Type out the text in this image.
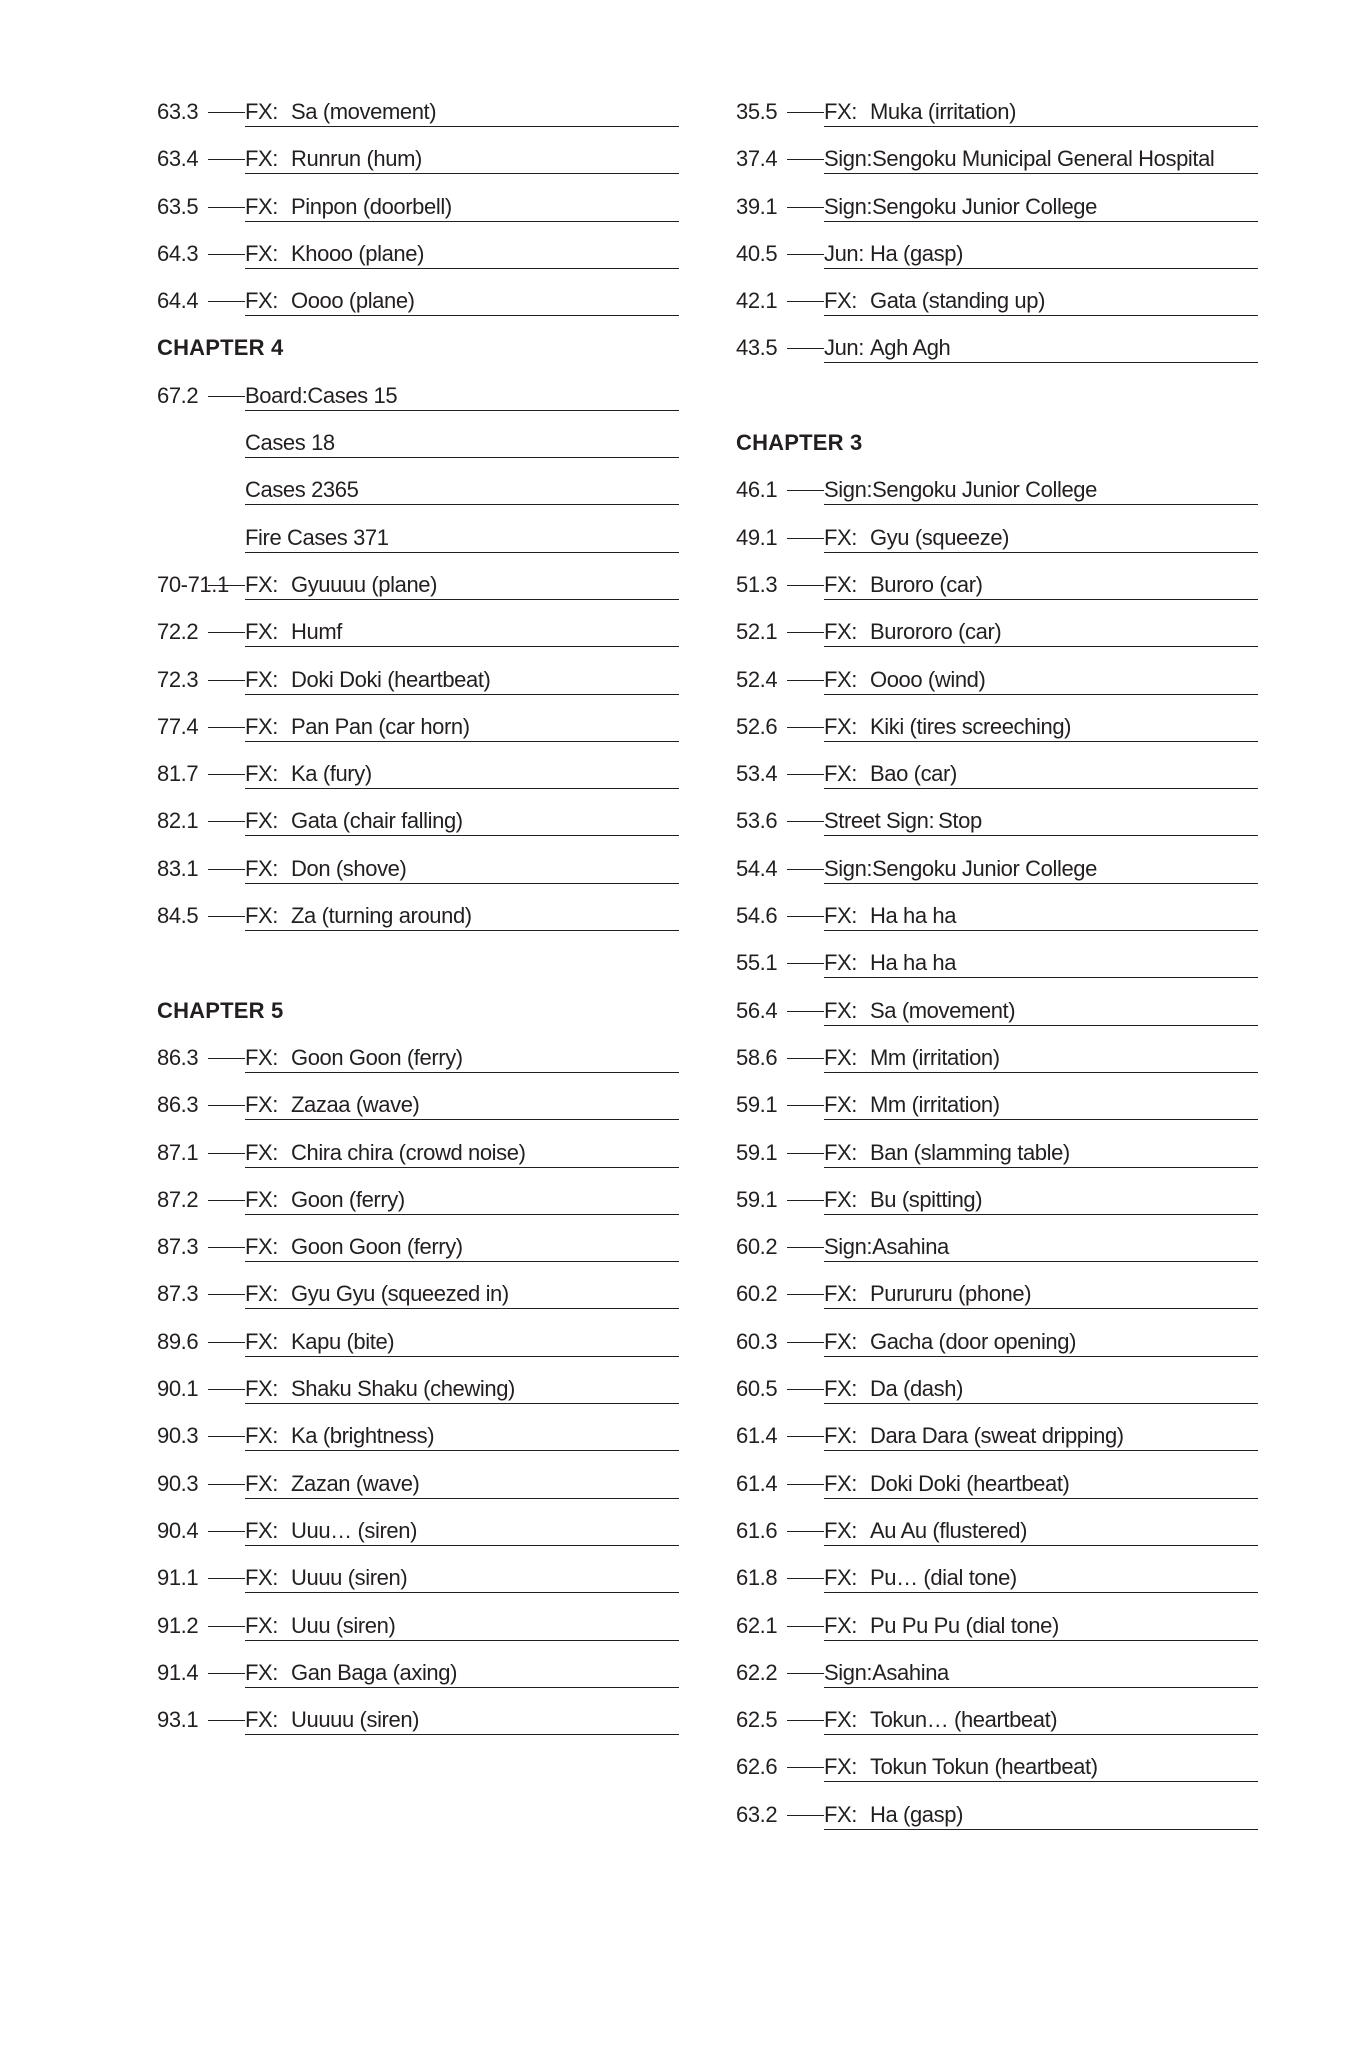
63.3 FX: Sa (movement)
63.4 FX: Runrun (hum)
63.5 FX: Pinpon (doorbell)
64.3 FX: Khooo (plane)
64.4 FX: Oooo (plane)
CHAPTER 4
67.2 Board:Cases 15
Cases 18
Cases 2365
Fire Cases 371
70-71.1 FX: Gyuuuu (plane)
72.2 FX: Humf
72.3 FX: Doki Doki (heartbeat)
77.4 FX: Pan Pan (car horn)
81.7 FX: Ka (fury)
82.1 FX: Gata (chair falling)
83.1 FX: Don (shove)
84.5 FX: Za (turning around)
CHAPTER 5
86.3 FX: Goon Goon (ferry)
86.3 FX: Zazaa (wave)
87.1 FX: Chira chira (crowd noise)
87.2 FX: Goon (ferry)
87.3 FX: Goon Goon (ferry)
87.3 FX: Gyu Gyu (squeezed in)
89.6 FX: Kapu (bite)
90.1 FX: Shaku Shaku (chewing)
90.3 FX: Ka (brightness)
90.3 FX: Zazan (wave)
90.4 FX: Uuu… (siren)
91.1 FX: Uuuu (siren)
91.2 FX: Uuu (siren)
91.4 FX: Gan Baga (axing)
93.1 FX: Uuuuu (siren)
35.5 FX: Muka (irritation)
37.4 Sign:Sengoku Municipal General Hospital
39.1 Sign:Sengoku Junior College
40.5 Jun: Ha (gasp)
42.1 FX: Gata (standing up)
43.5 Jun: Agh Agh
CHAPTER 3
46.1 Sign:Sengoku Junior College
49.1 FX: Gyu (squeeze)
51.3 FX: Buroro (car)
52.1 FX: Burororo (car)
52.4 FX: Oooo (wind)
52.6 FX: Kiki (tires screeching)
53.4 FX: Bao (car)
53.6 Street Sign: Stop
54.4 Sign:Sengoku Junior College
54.6 FX: Ha ha ha
55.1 FX: Ha ha ha
56.4 FX: Sa (movement)
58.6 FX: Mm (irritation)
59.1 FX: Mm (irritation)
59.1 FX: Ban (slamming table)
59.1 FX: Bu (spitting)
60.2 Sign:Asahina
60.2 FX: Purururu (phone)
60.3 FX: Gacha (door opening)
60.5 FX: Da (dash)
61.4 FX: Dara Dara (sweat dripping)
61.4 FX: Doki Doki (heartbeat)
61.6 FX: Au Au (flustered)
61.8 FX: Pu… (dial tone)
62.1 FX: Pu Pu Pu (dial tone)
62.2 Sign:Asahina
62.5 FX: Tokun… (heartbeat)
62.6 FX: Tokun Tokun (heartbeat)
63.2 FX: Ha (gasp)
